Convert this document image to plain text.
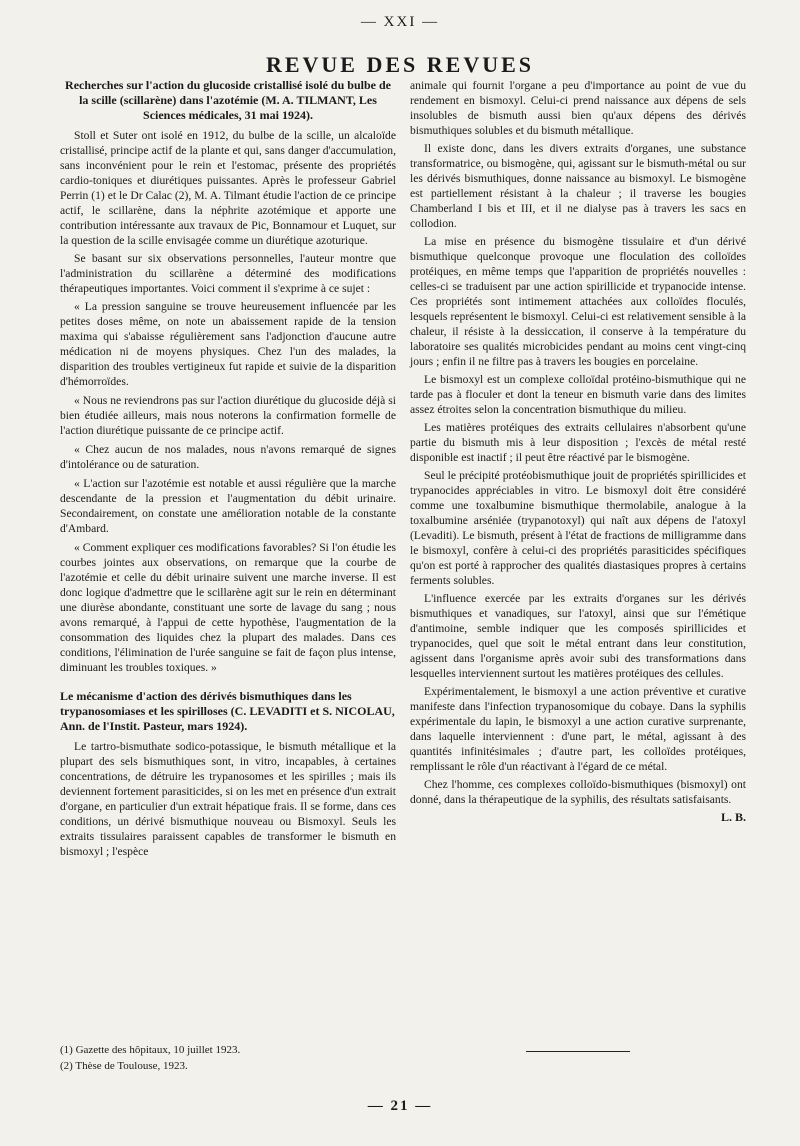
— XXI —
REVUE DES REVUES
Recherches sur l'action du glucoside cristallisé isolé du bulbe de la scille (scillarène) dans l'azotémie (M. A. TILMANT, Les Sciences médicales, 31 mai 1924).

Stoll et Suter ont isolé en 1912, du bulbe de la scille, un alcaloïde cristallisé, principe actif de la plante et qui, sans danger d'accumulation, sans inconvénient pour le rein et l'estomac, présente des propriétés cardio-toniques et diurétiques puissantes. Après le professeur Gabriel Perrin (1) et le Dr Calac (2), M. A. Tilmant étudie l'action de ce principe actif, le scillarène, dans la néphrite azotémique et apporte une contribution intéressante aux travaux de Pic, Bonnamour et Luquet, sur la question de la scille envisagée comme un diurétique azoturique.

Se basant sur six observations personnelles, l'auteur montre que l'administration du scillarène a déterminé des modifications thérapeutiques importantes. Voici comment il s'exprime à ce sujet :

« La pression sanguine se trouve heureusement influencée par les petites doses même, on note un abaissement rapide de la tension maxima qui s'abaisse régulièrement sans l'adjonction d'aucune autre médication ni de moyens physiques. Chez l'un des malades, la disparition des troubles vertigineux fut rapide et suivie de la disparition d'hémorroïdes.

« Nous ne reviendrons pas sur l'action diurétique du glucoside déjà si bien étudiée ailleurs, mais nous noterons la confirmation formelle de l'action diurétique puissante de ce principe actif.

« Chez aucun de nos malades, nous n'avons remarqué de signes d'intolérance ou de saturation.

« L'action sur l'azotémie est notable et aussi régulière que la marche descendante de la pression et l'augmentation du débit urinaire. Secondairement, on constate une amélioration notable de la constante d'Ambard.

« Comment expliquer ces modifications favorables? Si l'on étudie les courbes jointes aux observations, on remarque que la courbe de l'azotémie et celle du débit urinaire suivent une marche inverse. Il est donc logique d'admettre que le scillarène agit sur le rein en déterminant une diurèse abondante, constituant une sorte de lavage du sang ; nous avons remarqué, à l'appui de cette hypothèse, l'augmentation de la consommation des liquides chez la plupart des malades. Dans ces conditions, l'élimination de l'urée sanguine se fait de façon plus intense, diminuant les troubles toxiques. »

Le mécanisme d'action des dérivés bismuthiques dans les trypanosomiases et les spirilloses (C. LEVADITI et S. NICOLAU, Ann. de l'Instit. Pasteur, mars 1924).

Le tartro-bismuthate sodico-potassique, le bismuth métallique et la plupart des sels bismuthiques sont, in vitro, incapables, à certaines concentrations, de détruire les trypanosomes et les spirilles ; mais ils deviennent fortement parasiticides, si on les met en présence d'un extrait d'organe, en particulier d'un extrait hépatique frais. Il se forme, dans ces conditions, un dérivé bismuthique nouveau ou Bismoxyl. Seuls les extraits tissulaires paraissent capables de transformer le bismuth en bismoxyl ; l'espèce

animale qui fournit l'organe a peu d'importance au point de vue du rendement en bismoxyl. Celui-ci prend naissance aux dépens de sels insolubles de bismuth aussi bien qu'aux dépens des dérivés bismuthiques solubles et du bismuth métallique.

Il existe donc, dans les divers extraits d'organes, une substance transformatrice, ou bismogène, qui, agissant sur le bismuth-métal ou sur les dérivés bismuthiques, donne naissance au bismoxyl. Le bismogène est partiellement résistant à la chaleur ; il traverse les bougies Chamberland I bis et III, et il ne dialyse pas à travers les sacs en collodion.

La mise en présence du bismogène tissulaire et d'un dérivé bismuthique quelconque provoque une floculation des colloïdes protéiques, en même temps que l'apparition de propriétés nouvelles : celles-ci se traduisent par une action spirillicide et trypanocide intense. Ces propriétés sont intimement attachées aux colloïdes floculés, lesquels représentent le bismoxyl. Celui-ci est relativement sensible à la chaleur, il résiste à la dessiccation, il conserve à la température du laboratoire ses qualités microbicides pendant au moins cent vingt-cinq jours ; enfin il ne filtre pas à travers les bougies en porcelaine.

Le bismoxyl est un complexe colloïdal protéino-bismuthique qui ne tarde pas à floculer et dont la teneur en bismuth varie dans des limites assez étroites selon la concentration bismuthique du milieu.

Les matières protéiques des extraits cellulaires n'absorbent qu'une partie du bismuth mis à leur disposition ; l'excès de métal resté disponible est inactif ; il peut être réactivé par le bismogène.

Seul le précipité protéobismuthique jouit de propriétés spirillicides et trypanocides appréciables in vitro. Le bismoxyl doit être considéré comme une toxalbumine bismuthique thermolabile, analogue à la toxalbumine arséniée (trypanotoxyl) qui naît aux dépens de l'atoxyl (Levaditi). Le bismuth, présent à l'état de fractions de milligramme dans le bismoxyl, confère à celui-ci des propriétés parasiticides spécifiques qu'on est porté à rapprocher des qualités diastasiques propres à certains ferments solubles.

L'influence exercée par les extraits d'organes sur les dérivés bismuthiques et vanadiques, sur l'atoxyl, ainsi que sur l'émétique d'antimoine, semble indiquer que les composés spirillicides et trypanocides, quel que soit le métal entrant dans leur constitution, agissent dans l'organisme après avoir subi des transformations dans lesquelles interviennent surtout les matières protéiques des cellules.

Expérimentalement, le bismoxyl a une action préventive et curative manifeste dans l'infection trypanosomique du cobaye. Dans la syphilis expérimentale du lapin, le bismoxyl a une action curative surprenante, dans laquelle interviennent : d'une part, le métal, agissant à des quantités infinitésimales ; d'autre part, les colloïdes protéiques, remplissant le rôle d'un réactivant à l'égard de ce métal.

Chez l'homme, ces complexes colloïdo-bismuthiques (bismoxyl) ont donné, dans la thérapeutique de la syphilis, des résultats satisfaisants.

L. B.
(1) Gazette des hôpitaux, 10 juillet 1923.
(2) Thèse de Toulouse, 1923.
— 21 —
